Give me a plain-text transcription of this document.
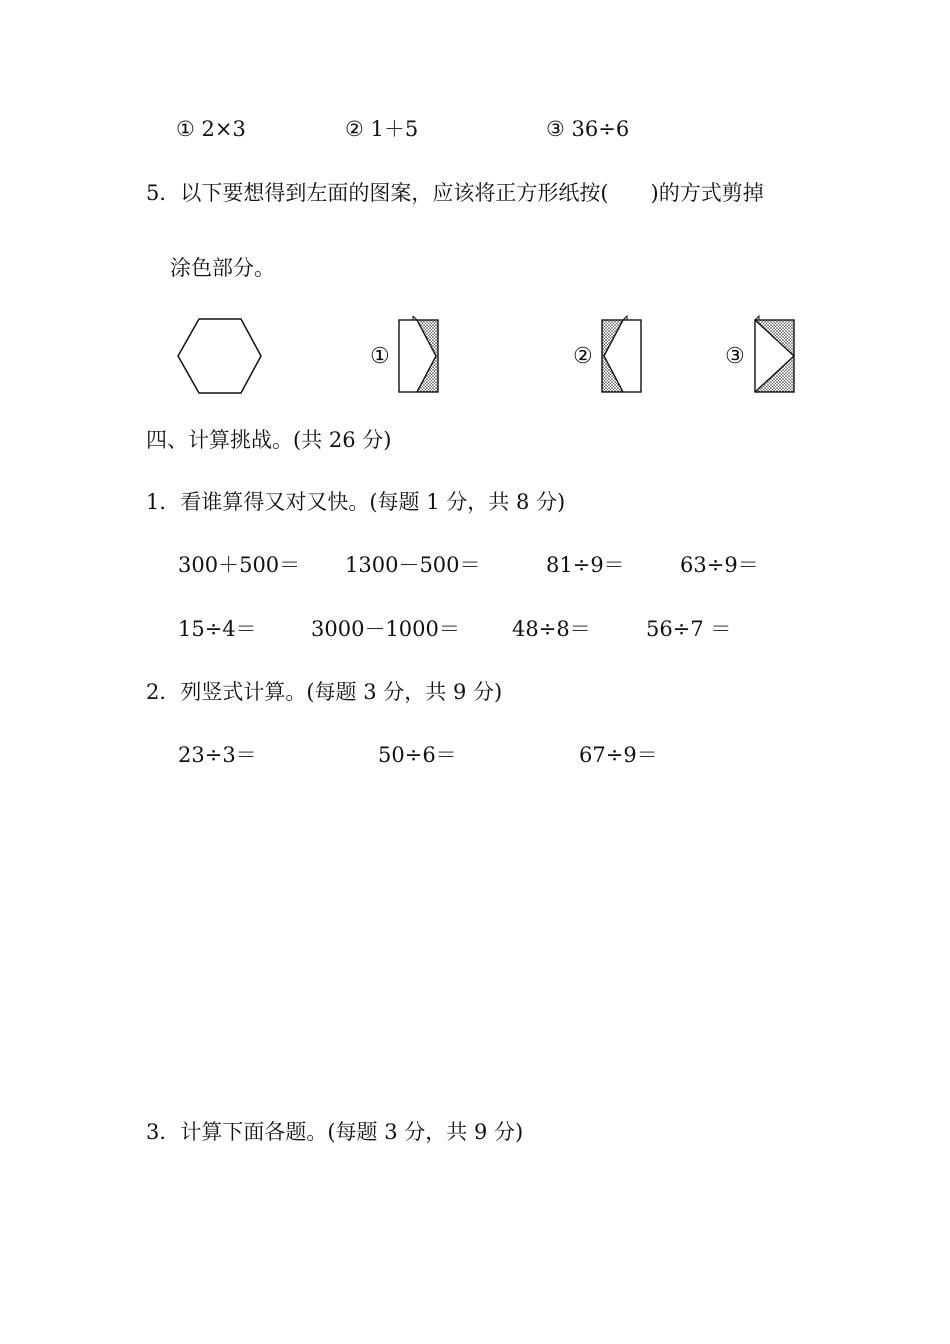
① 2×3	② 1＋5	③ 36÷6
5．以下要想得到左面的图案，应该将正方形纸按(　　)的方式剪掉
涂色部分。
①	②	③
四、计算挑战。(共 26 分)
1．看谁算得又对又快。(每题 1 分，共 8 分)
300＋500＝ 1300－500＝	81÷9＝	63÷9＝
15÷4＝	3000－1000＝ 48÷8＝	56÷7 ＝
2．列竖式计算。(每题 3 分，共 9 分)
23÷3＝	50÷6＝	67÷9＝
3．计算下面各题。(每题 3 分，共 9 分)
